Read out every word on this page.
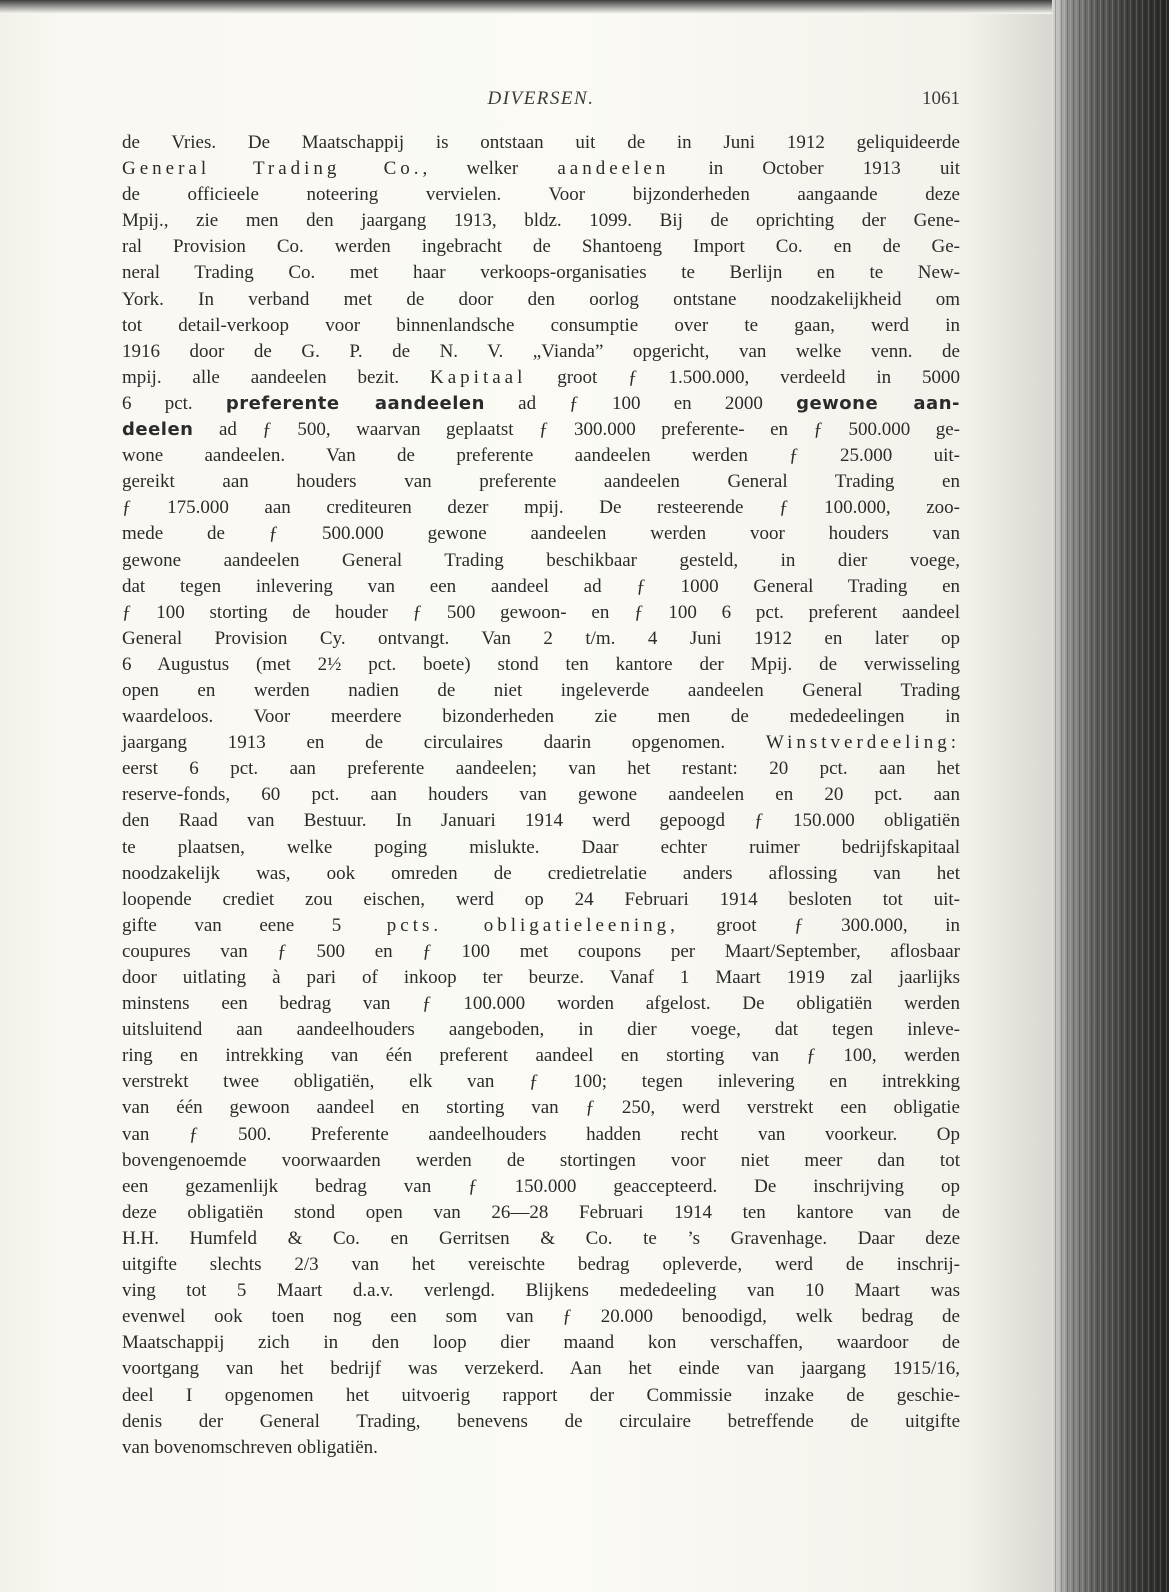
DIVERSEN.	1061
de Vries. De Maatschappij is ontstaan uit de in Juni 1912 geliquideerde
General Trading Co., welker aandeelen in October 1913 uit
de officieele noteering vervielen. Voor bijzonderheden aangaande deze
Mpij., zie men den jaargang 1913, bldz. 1099. Bij de oprichting der Gene-
ral Provision Co. werden ingebracht de Shantoeng Import Co. en de Ge-
neral Trading Co. met haar verkoops-organisaties te Berlijn en te New-
York. In verband met de door den oorlog ontstane noodzakelijkheid om
tot detail-verkoop voor binnenlandsche consumptie over te gaan, werd in
1916 door de G. P. de N. V. „Vianda” opgericht, van welke venn. de
mpij. alle aandeelen bezit. Kapitaal groot ƒ 1.500.000, verdeeld in 5000
6 pct. preferente aandeelen ad ƒ 100 en 2000 gewone aan-
deelen ad ƒ 500, waarvan geplaatst ƒ 300.000 preferente- en ƒ 500.000 ge-
wone aandeelen. Van de preferente aandeelen werden ƒ 25.000 uit-
gereikt aan houders van preferente aandeelen General Trading en
ƒ 175.000 aan crediteuren dezer mpij. De resteerende ƒ 100.000, zoo-
mede de ƒ 500.000 gewone aandeelen werden voor houders van
gewone aandeelen General Trading beschikbaar gesteld, in dier voege,
dat tegen inlevering van een aandeel ad ƒ 1000 General Trading en
ƒ 100 storting de houder ƒ 500 gewoon- en ƒ 100 6 pct. preferent aandeel
General Provision Cy. ontvangt. Van 2 t/m. 4 Juni 1912 en later op
6 Augustus (met 2½ pct. boete) stond ten kantore der Mpij. de verwisseling
open en werden nadien de niet ingeleverde aandeelen General Trading
waardeloos. Voor meerdere bizonderheden zie men de mededeelingen in
jaargang 1913 en de circulaires daarin opgenomen. Winstverdeeling:
eerst 6 pct. aan preferente aandeelen; van het restant: 20 pct. aan het
reserve-fonds, 60 pct. aan houders van gewone aandeelen en 20 pct. aan
den Raad van Bestuur. In Januari 1914 werd gepoogd ƒ 150.000 obligatiën
te plaatsen, welke poging mislukte. Daar echter ruimer bedrijfskapitaal
noodzakelijk was, ook omreden de credietrelatie anders aflossing van het
loopende crediet zou eischen, werd op 24 Februari 1914 besloten tot uit-
gifte van eene 5 pcts. obligatieleening, groot ƒ 300.000, in
coupures van ƒ 500 en ƒ 100 met coupons per Maart/September, aflosbaar
door uitlating à pari of inkoop ter beurze. Vanaf 1 Maart 1919 zal jaarlijks
minstens een bedrag van ƒ 100.000 worden afgelost. De obligatiën werden
uitsluitend aan aandeelhouders aangeboden, in dier voege, dat tegen inleve-
ring en intrekking van één preferent aandeel en storting van ƒ 100, werden
verstrekt twee obligatiën, elk van ƒ 100; tegen inlevering en intrekking
van één gewoon aandeel en storting van ƒ 250, werd verstrekt een obligatie
van ƒ 500. Preferente aandeelhouders hadden recht van voorkeur. Op
bovengenoemde voorwaarden werden de stortingen voor niet meer dan tot
een gezamenlijk bedrag van ƒ 150.000 geaccepteerd. De inschrijving op
deze obligatiën stond open van 26—28 Februari 1914 ten kantore van de
H.H. Humfeld & Co. en Gerritsen & Co. te ’s Gravenhage. Daar deze
uitgifte slechts 2/3 van het vereischte bedrag opleverde, werd de inschrij-
ving tot 5 Maart d.a.v. verlengd. Blijkens mededeeling van 10 Maart was
evenwel ook toen nog een som van ƒ 20.000 benoodigd, welk bedrag de
Maatschappij zich in den loop dier maand kon verschaffen, waardoor de
voortgang van het bedrijf was verzekerd. Aan het einde van jaargang 1915/16,
deel I opgenomen het uitvoerig rapport der Commissie inzake de geschie-
denis der General Trading, benevens de circulaire betreffende de uitgifte
van bovenomschreven obligatiën.
